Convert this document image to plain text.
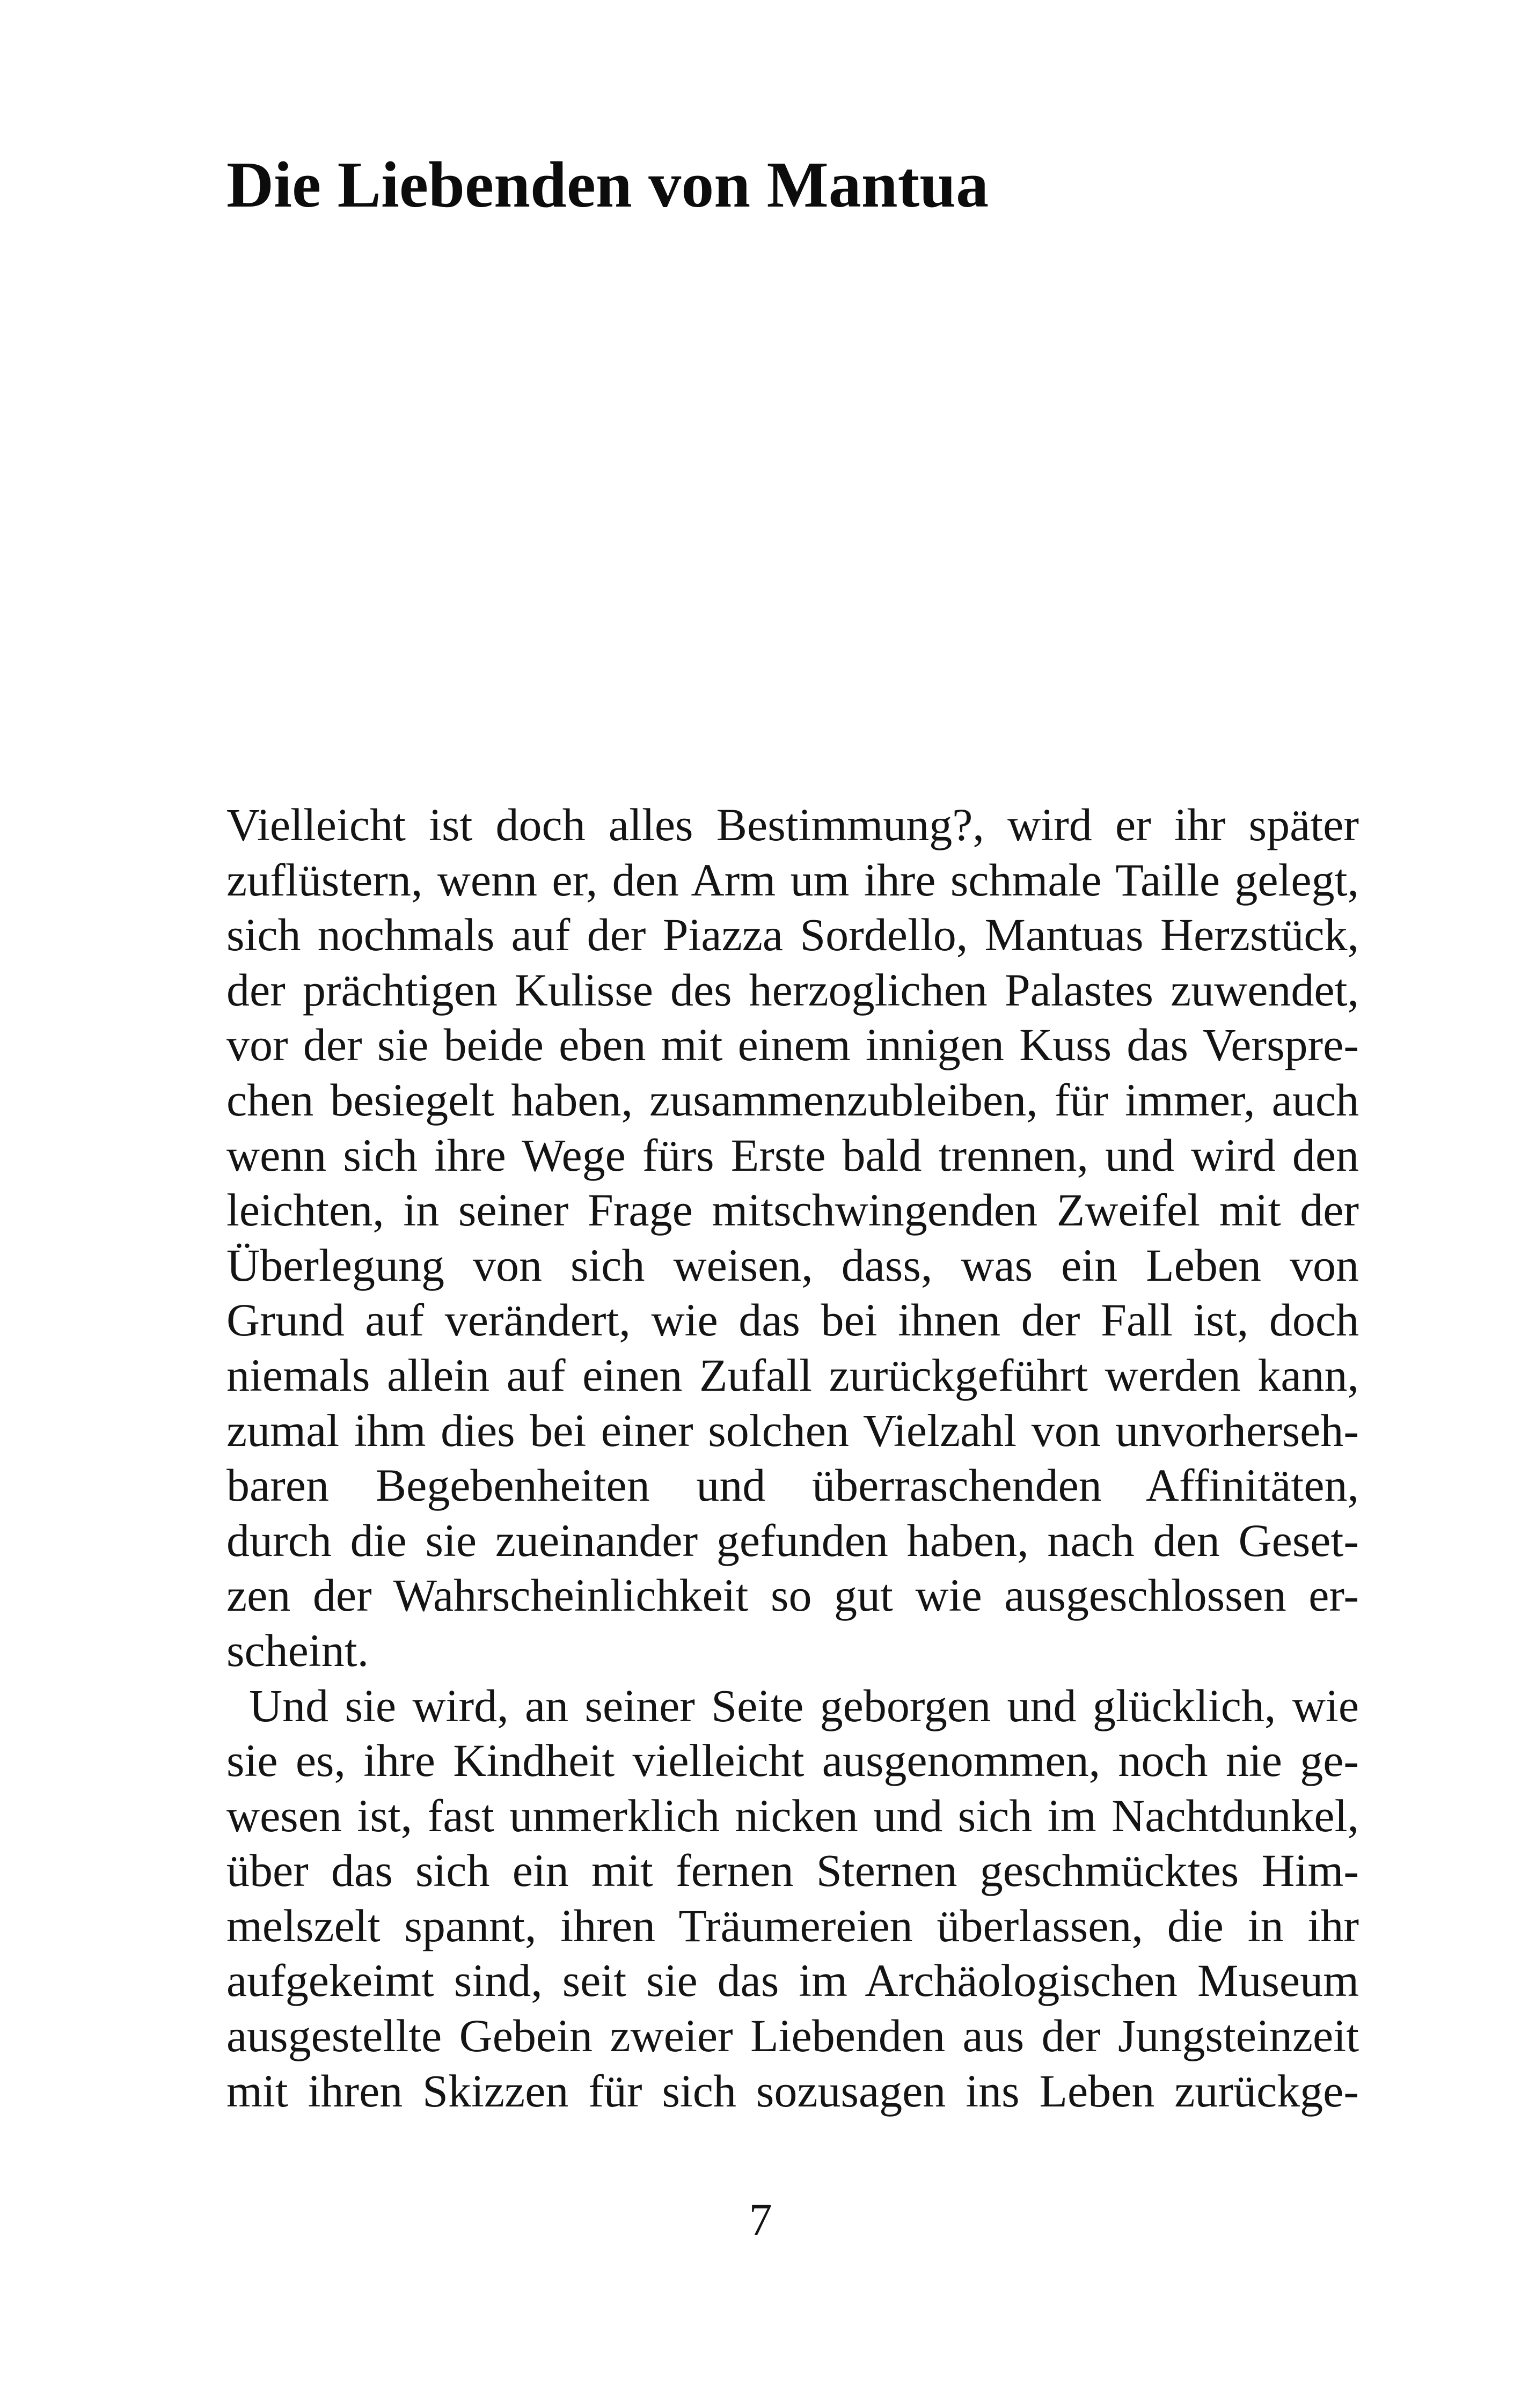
Die Liebenden von Mantua
Vielleicht ist doch alles Bestimmung?, wird er ihr später
zuflüstern, wenn er, den Arm um ihre schmale Taille gelegt,
sich nochmals auf der Piazza Sordello, Mantuas Herzstück,
der prächtigen Kulisse des herzoglichen Palastes zuwendet,
vor der sie beide eben mit einem innigen Kuss das Verspre-
chen besiegelt haben, zusammenzubleiben, für immer, auch
wenn sich ihre Wege fürs Erste bald trennen, und wird den
leichten, in seiner Frage mitschwingenden Zweifel mit der
Überlegung von sich weisen, dass, was ein Leben von
Grund auf verändert, wie das bei ihnen der Fall ist, doch
niemals allein auf einen Zufall zurückgeführt werden kann,
zumal ihm dies bei einer solchen Vielzahl von unvorherseh-
baren Begebenheiten und überraschenden Affinitäten,
durch die sie zueinander gefunden haben, nach den Geset-
zen der Wahrscheinlichkeit so gut wie ausgeschlossen er-
scheint.
Und sie wird, an seiner Seite geborgen und glücklich, wie
sie es, ihre Kindheit vielleicht ausgenommen, noch nie ge-
wesen ist, fast unmerklich nicken und sich im Nachtdunkel,
über das sich ein mit fernen Sternen geschmücktes Him-
melszelt spannt, ihren Träumereien überlassen, die in ihr
aufgekeimt sind, seit sie das im Archäologischen Museum
ausgestellte Gebein zweier Liebenden aus der Jungsteinzeit
mit ihren Skizzen für sich sozusagen ins Leben zurückge-
7
